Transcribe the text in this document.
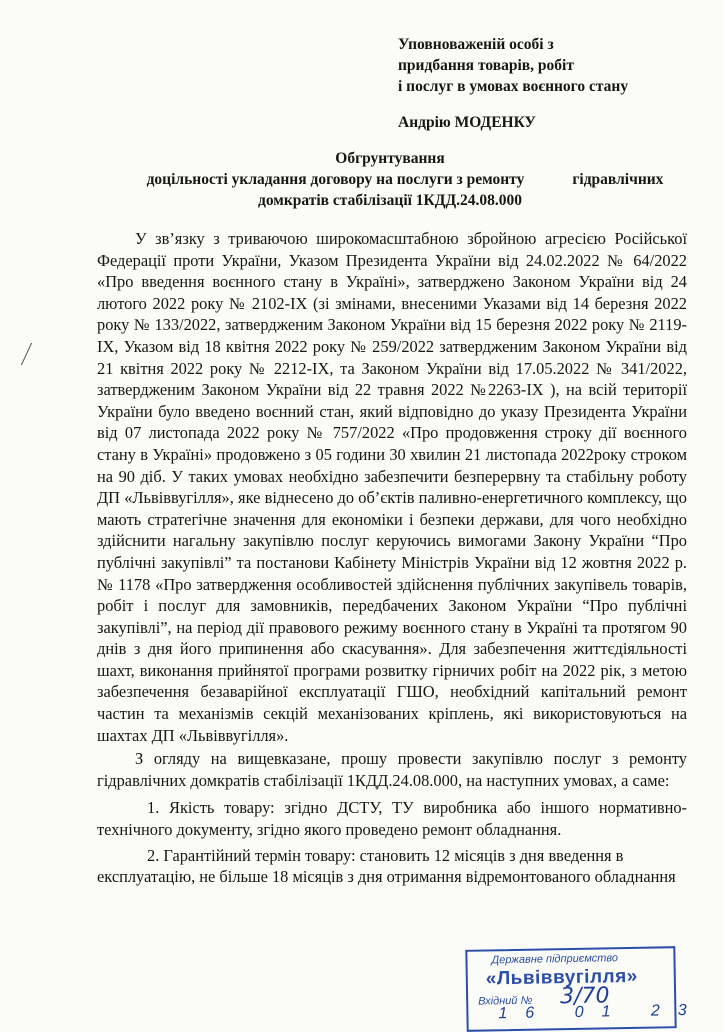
Уповноваженій особі з
придбання товарів, робіт
і послуг в умовах воєнного стану
Андрію МОДЕНКУ
Обгрунтування
доцільності укладання договору на послуги з ремонту	гідравлічних
домкратів стабілізації 1КДД.24.08.000

У зв’язку з триваючою широкомасштабною збройною агресією Російської Федерації проти України, Указом Президента України від 24.02.2022 № 64/2022 «Про введення воєнного стану в Україні», затверджено Законом України від 24 лютого 2022 року № 2102-IX (зі змінами, внесеними Указами від 14 березня 2022 року № 133/2022, затвердженим Законом України від 15 березня 2022 року № 2119-IX, Указом від 18 квітня 2022 року № 259/2022 затвердженим Законом України від 21 квітня 2022 року № 2212-IX, та Законом України від 17.05.2022 № 341/2022, затвердженим Законом України від 22 травня 2022 №2263-IX ), на всій території України було введено воєнний стан, який відповідно до указу Президента України від 07 листопада 2022 року № 757/2022 «Про продовження строку дії воєнного стану в Україні» продовжено з 05 години 30 хвилин 21 листопада 2022року строком на 90 діб. У таких умовах необхідно забезпечити безперервну та стабільну роботу ДП «Львіввугілля», яке віднесено до об’єктів паливно-енергетичного комплексу, що мають стратегічне значення для економіки і безпеки держави, для чого необхідно здійснити нагальну закупівлю послуг керуючись вимогами Закону України “Про публічні закупівлі” та постанови Кабінету Міністрів України від 12 жовтня 2022 р. № 1178 «Про затвердження особливостей здійснення публічних закупівель товарів, робіт і послуг для замовників, передбачених Законом України “Про публічні закупівлі”, на період дії правового режиму воєнного стану в Україні та протягом 90 днів з дня його припинення або скасування». Для забезпечення життєдіяльності шахт, виконання прийнятої програми розвитку гірничих робіт на 2022 рік, з метою забезпечення безаварійної експлуатації ГШО, необхідний капітальний ремонт частин та механізмів секцій механізованих кріплень, які використовуються на шахтах ДП «Львіввугілля».

З огляду на вищевказане, прошу провести закупівлю послуг з ремонту гідравлічних домкратів стабілізації 1КДД.24.08.000, на наступних умовах, а саме:

1. Якість товару: згідно ДСТУ, ТУ виробника або іншого нормативно-технічного документу, згідно якого проведено ремонт обладнання.

2. Гарантійний термін товару: становить 12 місяців з дня введення в експлуатацію, не більше 18 місяців з дня отримання відремонтованого обладнання

Державне підприємство
«Львіввугілля»
Вхідний № 3/70
16 01 23
